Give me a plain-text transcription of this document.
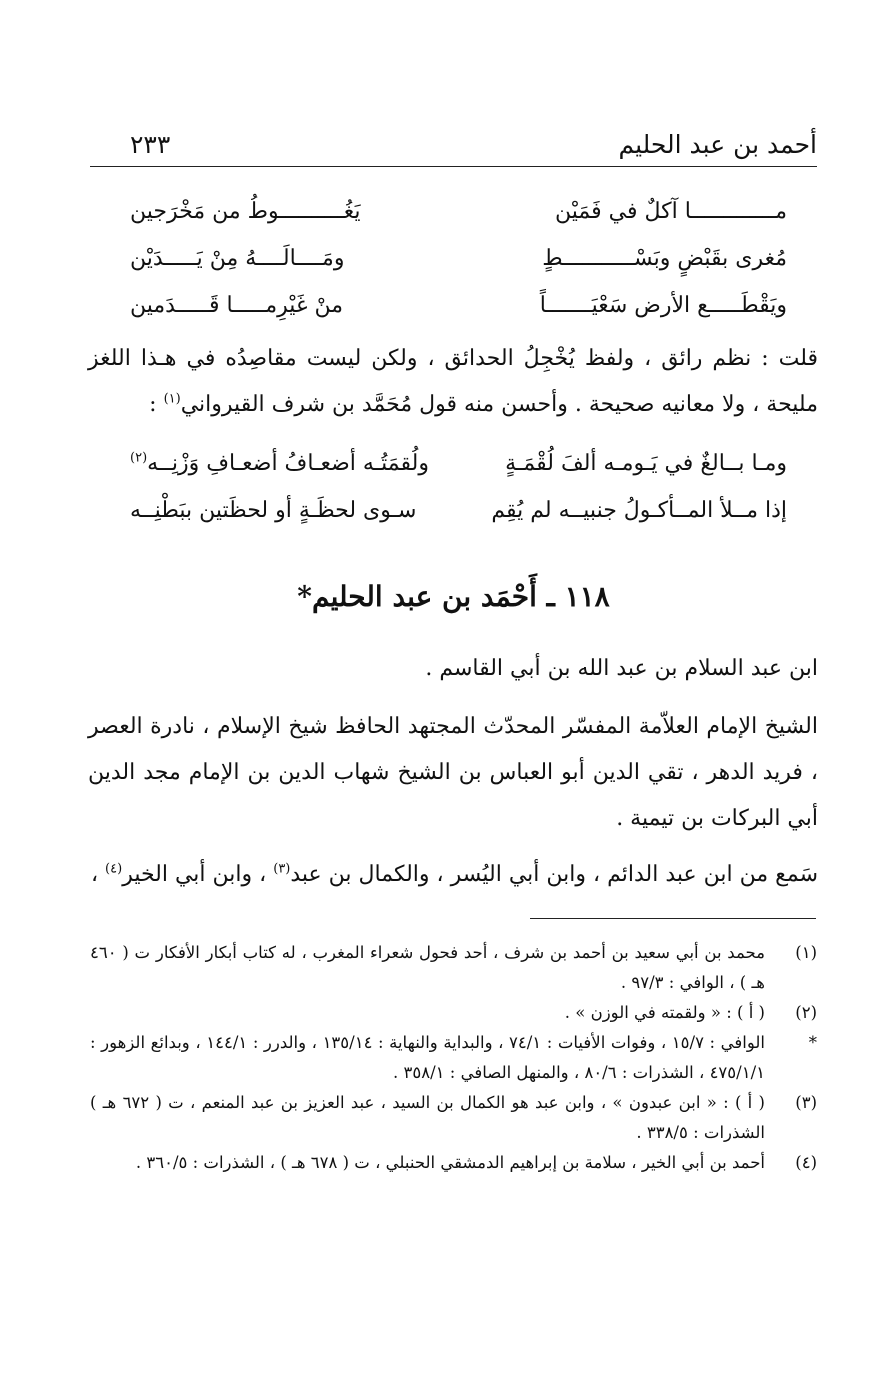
أحمد بن عبد الحليم
٢٣٣
مـــــــــــــا آكلٌ في فَمَيْن
يَغُــــــــــوطُ من مَخْرَجين
مُغرى بقَبْضٍ وبَسْـــــــــــطٍ
ومَــــالَــــهُ مِنْ يَـــــدَيْن
ويَقْطَـــــع الأرض سَعْيَـــــــاً
منْ غَيْرِمـــــا قَـــــدَمين

قلت : نظم رائق ، ولفظ يُخْجِلُ الحدائق ، ولكن ليست مقاصِدُه في هـذا اللغز مليحة ، ولا معانيه صحيحة . وأحسن منه قول مُحَمَّد بن شرف القيرواني$^{(١)}$ :

ومـا بــالغٌ في يَـومـه ألفَ لُقْمَـةٍ
ولُقمَتُـه أضعـافُ أضعـافِ وَزْنِــه$^{(٢)}$
إذا مــلأ المــأكـولُ جنبيــه لم يُقِم
سـوى لحظَـةٍ أو لحظَتين ببَطْنِــه
١١٨ ـ أَحْمَد بن عبد الحليم*

ابن عبد السلام بن عبد الله بن أبي القاسم .

الشيخ الإمام العلاّمة المفسّر المحدّث المجتهد الحافظ شيخ الإسلام ، نادرة العصر ، فريد الدهر ، تقي الدين أبو العباس بن الشيخ شهاب الدين بن الإمام مجد الدين أبي البركات بن تيمية .

سَمع من ابن عبد الدائم ، وابن أبي اليُسر ، والكمال بن عبد$^{(٣)}$ ، وابن أبي الخير$^{(٤)}$ ،

(١)
محمد بن أبي سعيد بن أحمد بن شرف ، أحد فحول شعراء المغرب ، له كتاب أبكار الأفكار ت ( ٤٦٠ هـ ) ، الوافي : ٩٧/٣ .
(٢)
( أ ) : « ولقمته في الوزن » .
*
الوافي : ١٥/٧ ، وفوات الأفيات : ٧٤/١ ، والبداية والنهاية : ١٣٥/١٤ ، والدرر : ١٤٤/١ ، وبدائع الزهور : ٤٧٥/١/١ ، الشذرات : ٨٠/٦ ، والمنهل الصافي : ٣٥٨/١ .
(٣)
( أ ) : « ابن عبدون » ، وابن عبد هو الكمال بن السيد ، عبد العزيز بن عبد المنعم ، ت ( ٦٧٢ هـ ) الشذرات : ٣٣٨/٥ .
(٤)
أحمد بن أبي الخير ، سلامة بن إبراهيم الدمشقي الحنبلي ، ت ( ٦٧٨ هـ ) ، الشذرات : ٣٦٠/٥ .
